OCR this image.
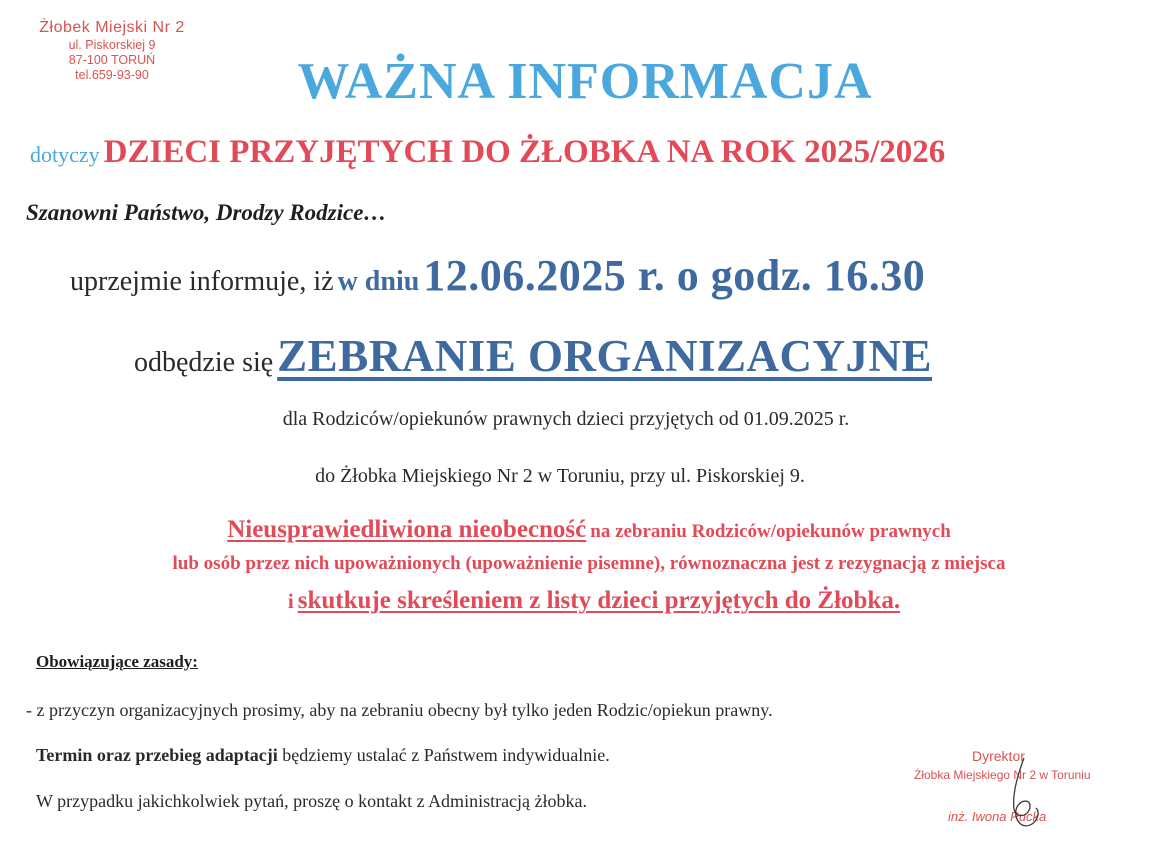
Żłobek Miejski Nr 2
ul. Piskorskiej 9
87-100 TORUŃ
tel.659-93-90	WAŻNA INFORMACJA
dotyczy DZIECI PRZYJĘTYCH DO ŻŁOBKA NA ROK 2025/2026
Szanowni Państwo, Drodzy Rodzice…
uprzejmie informuje, iż w dniu 12.06.2025 r. o godz. 16.30
odbędzie się ZEBRANIE ORGANIZACYJNE
dla Rodziców/opiekunów prawnych dzieci przyjętych od 01.09.2025 r.
do Żłobka Miejskiego Nr 2 w Toruniu, przy ul. Piskorskiej 9.
Nieusprawiedliwiona nieobecność na zebraniu Rodziców/opiekunów prawnych
lub osób przez nich upoważnionych (upoważnienie pisemne), równoznaczna jest z rezygnacją z miejsca
i skutkuje skreśleniem z listy dzieci przyjętych do Żłobka.
Obowiązujące zasady:
- z przyczyn organizacyjnych prosimy, aby na zebraniu obecny był tylko jeden Rodzic/opiekun prawny.
Termin oraz przebieg adaptacji będziemy ustalać z Państwem indywidualnie.
W przypadku jakichkolwiek pytań, proszę o kontakt z Administracją żłobka.
Dyrektor
Żłobka Miejskiego Nr 2 w Toruniu
inż. Iwona Pucka
